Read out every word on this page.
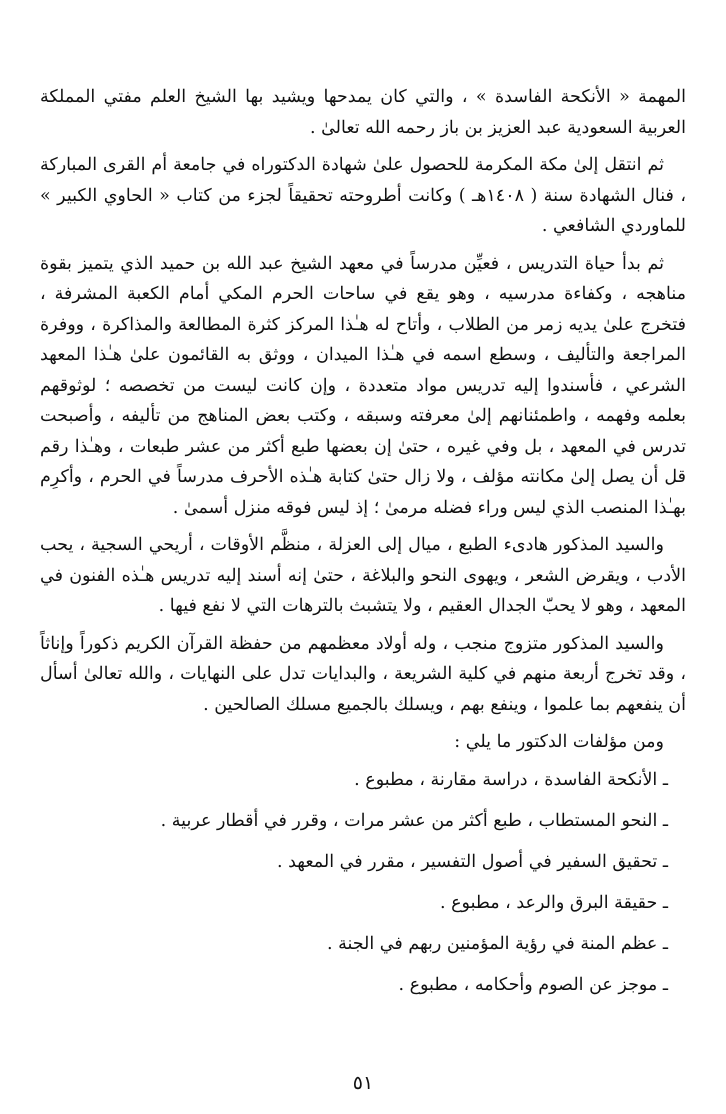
المهمة « الأنكحة الفاسدة » ، والتي كان يمدحها ويشيد بها الشيخ العلم مفتي المملكة العربية السعودية عبد العزيز بن باز رحمه الله تعالىٰ .

ثم انتقل إلىٰ مكة المكرمة للحصول علىٰ شهادة الدكتوراه في جامعة أم القرى المباركة ، فنال الشهادة سنة ( ١٤٠٨هـ ) وكانت أطروحته تحقيقاً لجزء من كتاب « الحاوي الكبير » للماوردي الشافعي .

ثم بدأ حياة التدريس ، فعيِّن مدرساً في معهد الشيخ عبد الله بن حميد الذي يتميز بقوة مناهجه ، وكفاءة مدرسيه ، وهو يقع في ساحات الحرم المكي أمام الكعبة المشرفة ، فتخرج علىٰ يديه زمر من الطلاب ، وأتاح له هـٰذا المركز كثرة المطالعة والمذاكرة ، ووفرة المراجعة والتأليف ، وسطع اسمه في هـٰذا الميدان ، ووثق به القائمون علىٰ هـٰذا المعهد الشرعي ، فأسندوا إليه تدريس مواد متعددة ، وإن كانت ليست من تخصصه ؛ لوثوقهم بعلمه وفهمه ، واطمئنانهم إلىٰ معرفته وسبقه ، وكتب بعض المناهج من تأليفه ، وأصبحت تدرس في المعهد ، بل وفي غيره ، حتىٰ إن بعضها طبع أكثر من عشر طبعات ، وهـٰذا رقم قل أن يصل إلىٰ مكانته مؤلف ، ولا زال حتىٰ كتابة هـٰذه الأحرف مدرساً في الحرم ، وأكرِم بهـٰذا المنصب الذي ليس وراء فضله مرمىٰ ؛ إذ ليس فوقه منزل أسمىٰ .

والسيد المذكور هادىء الطبع ، ميال إلى العزلة ، منظَّم الأوقات ، أريحي السجية ، يحب الأدب ، ويقرض الشعر ، ويهوى النحو والبلاغة ، حتىٰ إنه أسند إليه تدريس هـٰذه الفنون في المعهد ، وهو لا يحبّ الجدال العقيم ، ولا يتشبث بالترهات التي لا نفع فيها .

والسيد المذكور متزوج منجب ، وله أولاد معظمهم من حفظة القرآن الكريم ذكوراً وإناثاً ، وقد تخرج أربعة منهم في كلية الشريعة ، والبدايات تدل على النهايات ، والله تعالىٰ أسأل أن ينفعهم بما علموا ، وينفع بهم ، ويسلك بالجميع مسلك الصالحين .

ومن مؤلفات الدكتور ما يلي :

ـ الأنكحة الفاسدة ، دراسة مقارنة ، مطبوع .
ـ النحو المستطاب ، طبع أكثر من عشر مرات ، وقرر في أقطار عربية .
ـ تحقيق السفير في أصول التفسير ، مقرر في المعهد .
ـ حقيقة البرق والرعد ، مطبوع .
ـ عظم المنة في رؤية المؤمنين ربهم في الجنة .
ـ موجز عن الصوم وأحكامه ، مطبوع .
٥١
